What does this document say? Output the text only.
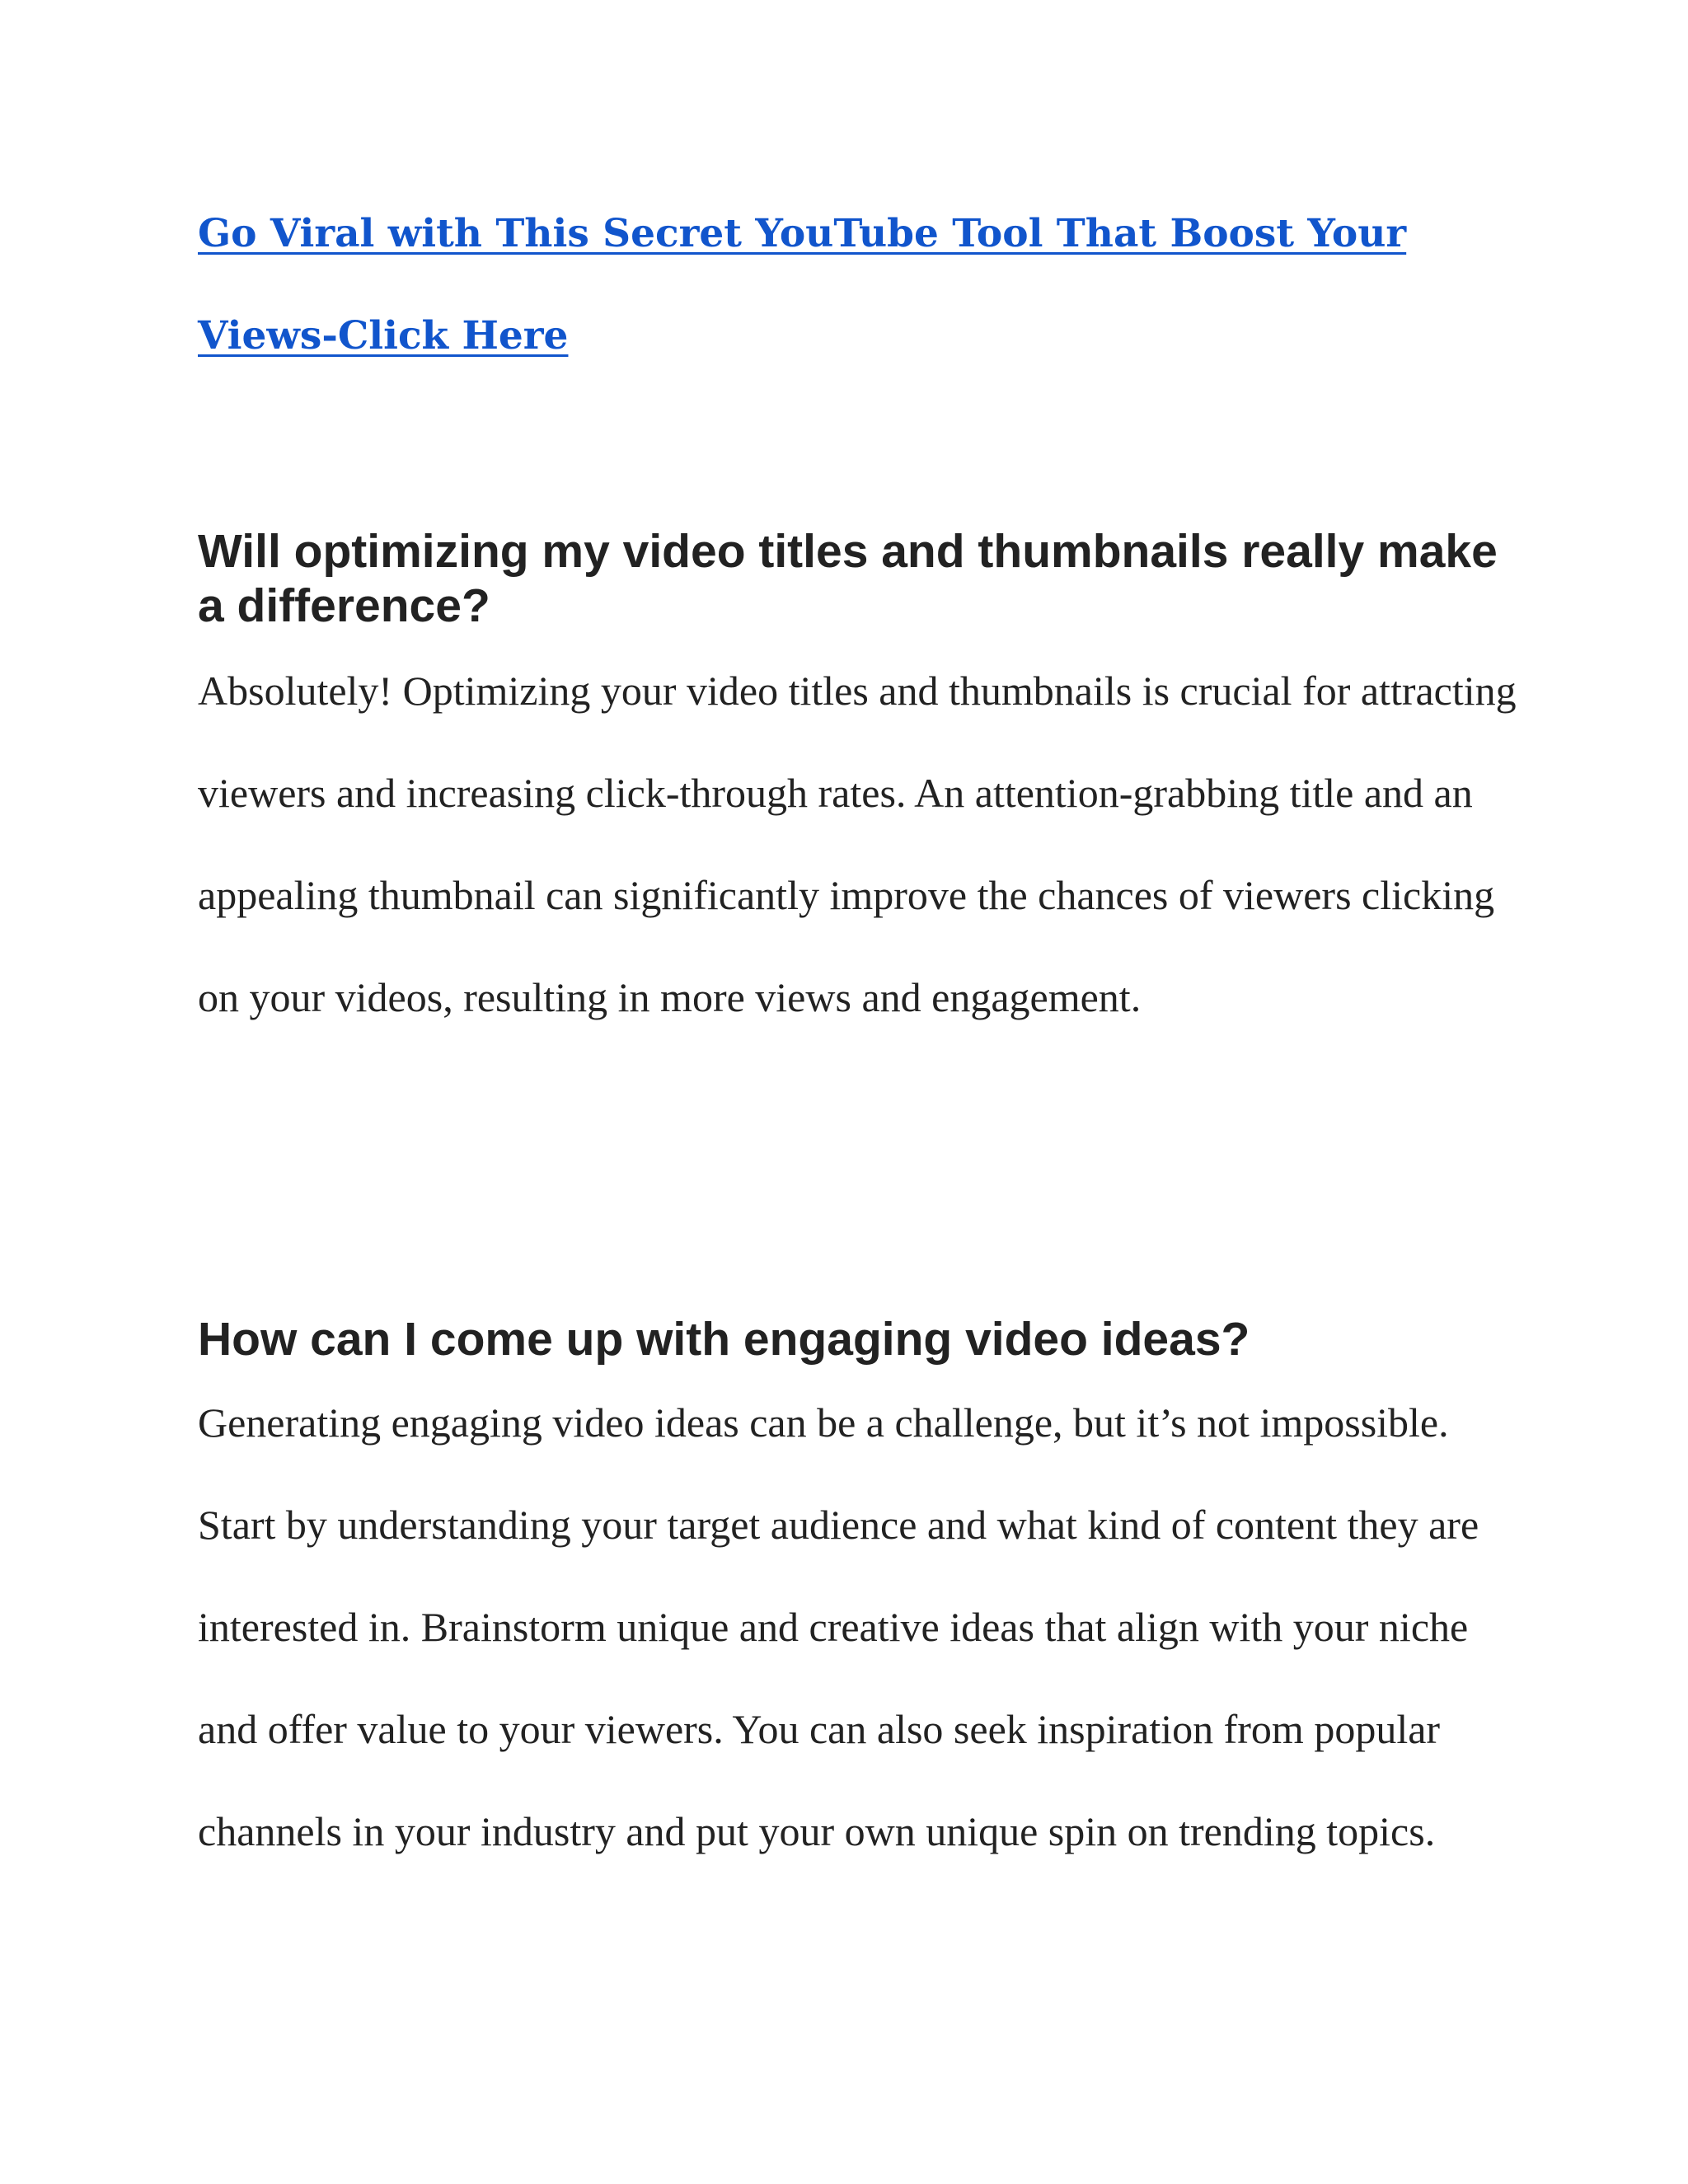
Go Viral with This Secret YouTube Tool That Boost Your Views-Click Here
Will optimizing my video titles and thumbnails really make a difference?

Absolutely! Optimizing your video titles and thumbnails is crucial for attracting viewers and increasing click-through rates. An attention-grabbing title and an appealing thumbnail can significantly improve the chances of viewers clicking on your videos, resulting in more views and engagement.

How can I come up with engaging video ideas?

Generating engaging video ideas can be a challenge, but it’s not impossible. Start by understanding your target audience and what kind of content they are interested in. Brainstorm unique and creative ideas that align with your niche and offer value to your viewers. You can also seek inspiration from popular channels in your industry and put your own unique spin on trending topics.
